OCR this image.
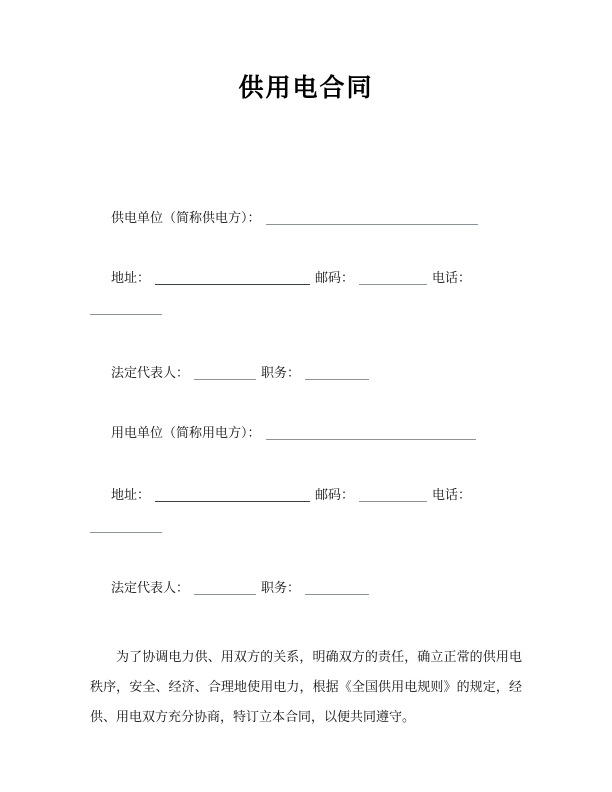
供用电合同
供电单位（简称供电方）：
地址：	邮码：	电话：
法定代表人：	职务：
用电单位（简称用电方）：
地址：	邮码：	电话：
法定代表人：	职务：
为了协调电力供、用双方的关系，明确双方的责任，确立正常的供用电秩序，安全、经济、合理地使用电力，根据《全国供用电规则》的规定，经供、用电双方充分协商，特订立本合同，以便共同遵守。
